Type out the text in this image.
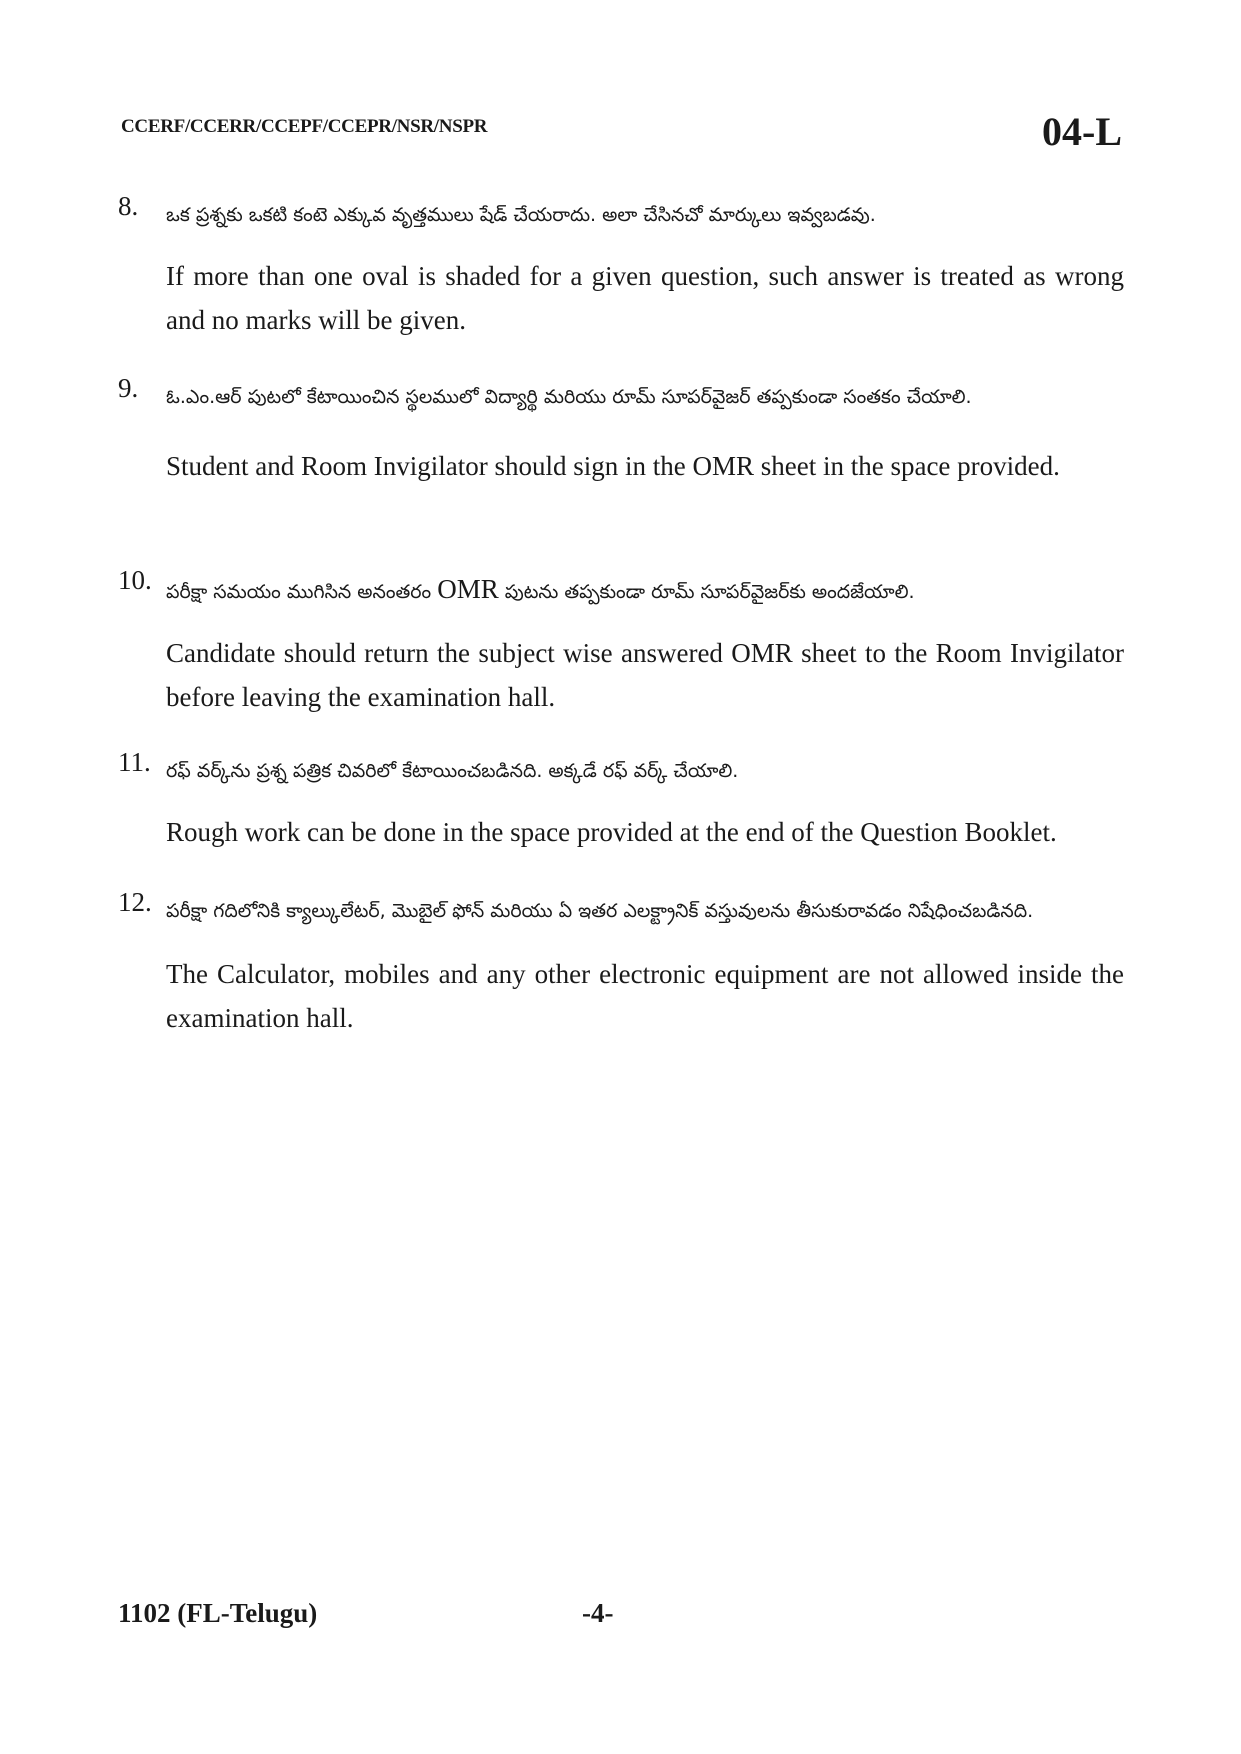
CCERF/CCERR/CCEPF/CCEPR/NSR/NSPR	04-L
8. ఒక ప్రశ్నకు ఒకటి కంటె ఎక్కువ వృత్తములు షేడ్ చేయరాదు. అలా చేసినచో మార్కులు ఇవ్వబడవు.
If more than one oval is shaded for a given question, such answer is treated as wrong and no marks will be given.
9. ఓ.ఎం.ఆర్ పుటలో కేటాయించిన స్థలములో విద్యార్థి మరియు రూమ్ సూపర్‌వైజర్ తప్పకుండా సంతకం చేయాలి.
Student and Room Invigilator should sign in the OMR sheet in the space provided.
10. పరీక్షా సమయం ముగిసిన అనంతరం OMR పుటను తప్పకుండా రూమ్ సూపర్‌వైజర్‌కు అందజేయాలి.
Candidate should return the subject wise answered OMR sheet to the Room Invigilator before leaving the examination hall.
11. రఫ్ వర్క్‌ను ప్రశ్న పత్రిక చివరిలో కేటాయించబడినది. అక్కడే రఫ్ వర్క్ చేయాలి.
Rough work can be done in the space provided at the end of the Question Booklet.
12. పరీక్షా గదిలోనికి క్యాల్కులేటర్, మొబైల్ ఫోన్ మరియు ఏ ఇతర ఎలక్ట్రానిక్ వస్తువులను తీసుకురావడం నిషేధించబడినది.
The Calculator, mobiles and any other electronic equipment are not allowed inside the examination hall.
1102 (FL-Telugu)	-4-
